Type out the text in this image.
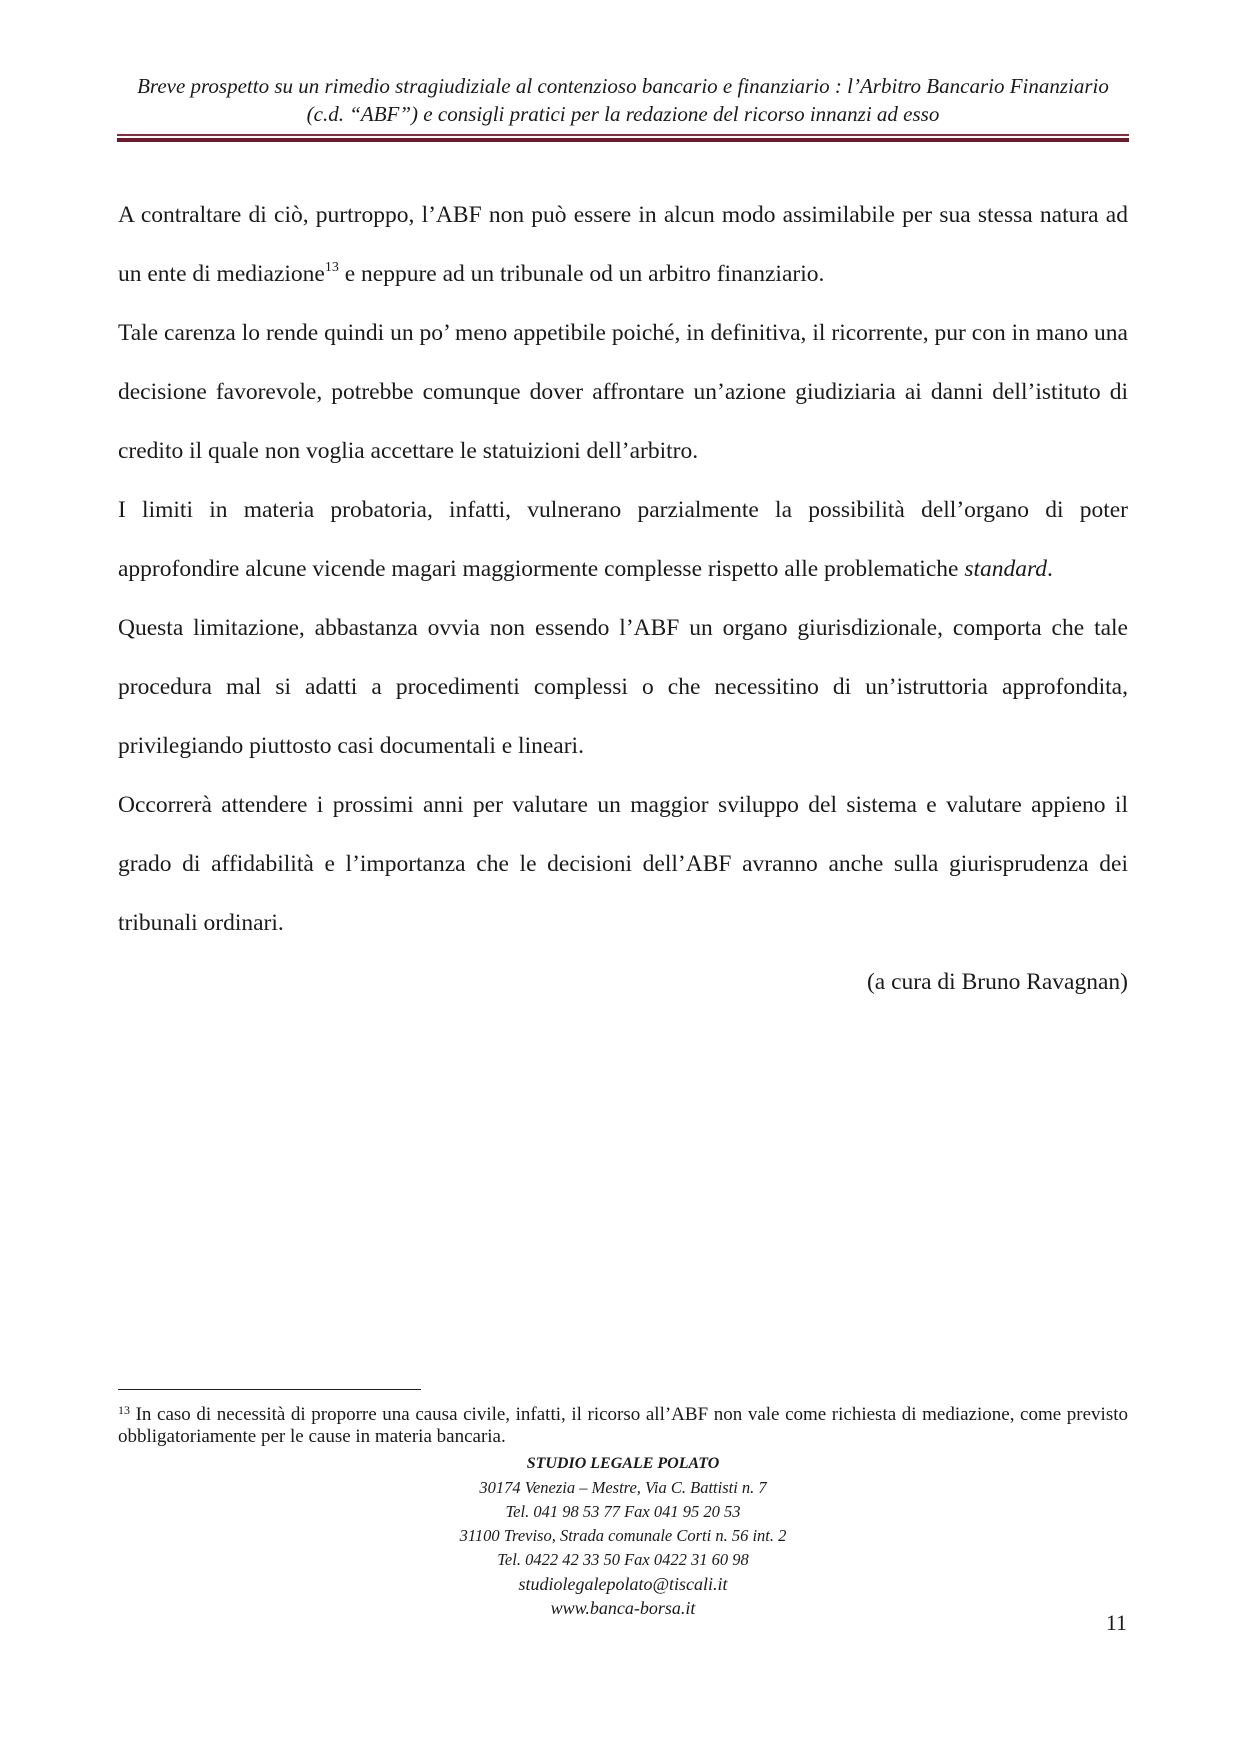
Breve prospetto su un rimedio stragiudiziale al contenzioso bancario e finanziario : l’Arbitro Bancario Finanziario
(c.d. “ABF”) e consigli pratici per la redazione del ricorso innanzi ad esso

A contraltare di ciò, purtroppo, l’ABF non può essere in alcun modo assimilabile per sua stessa natura ad un ente di mediazione$^{13}$ e neppure ad un tribunale od un arbitro finanziario.

Tale carenza lo rende quindi un po’ meno appetibile poiché, in definitiva, il ricorrente, pur con in mano una decisione favorevole, potrebbe comunque dover affrontare un’azione giudiziaria ai danni dell’istituto di credito il quale non voglia accettare le statuizioni dell’arbitro.

I limiti in materia probatoria, infatti, vulnerano parzialmente la possibilità dell’organo di poter approfondire alcune vicende magari maggiormente complesse rispetto alle problematiche standard.

Questa limitazione, abbastanza ovvia non essendo l’ABF un organo giurisdizionale, comporta che tale procedura mal si adatti a procedimenti complessi o che necessitino di un’istruttoria approfondita, privilegiando piuttosto casi documentali e lineari.

Occorrerà attendere i prossimi anni per valutare un maggior sviluppo del sistema e valutare appieno il grado di affidabilità e l’importanza che le decisioni dell’ABF avranno anche sulla giurisprudenza dei tribunali ordinari.

(a cura di Bruno Ravagnan)

$^{13}$ In caso di necessità di proporre una causa civile, infatti, il ricorso all’ABF non vale come richiesta di mediazione, come previsto obbligatoriamente per le cause in materia bancaria.
STUDIO LEGALE POLATO
30174 Venezia – Mestre, Via C. Battisti n. 7
Tel. 041 98 53 77 Fax 041 95 20 53
31100 Treviso, Strada comunale Corti n. 56 int. 2
Tel. 0422 42 33 50 Fax 0422 31 60 98
studiolegalepolato@tiscali.it
www.banca-borsa.it
11
